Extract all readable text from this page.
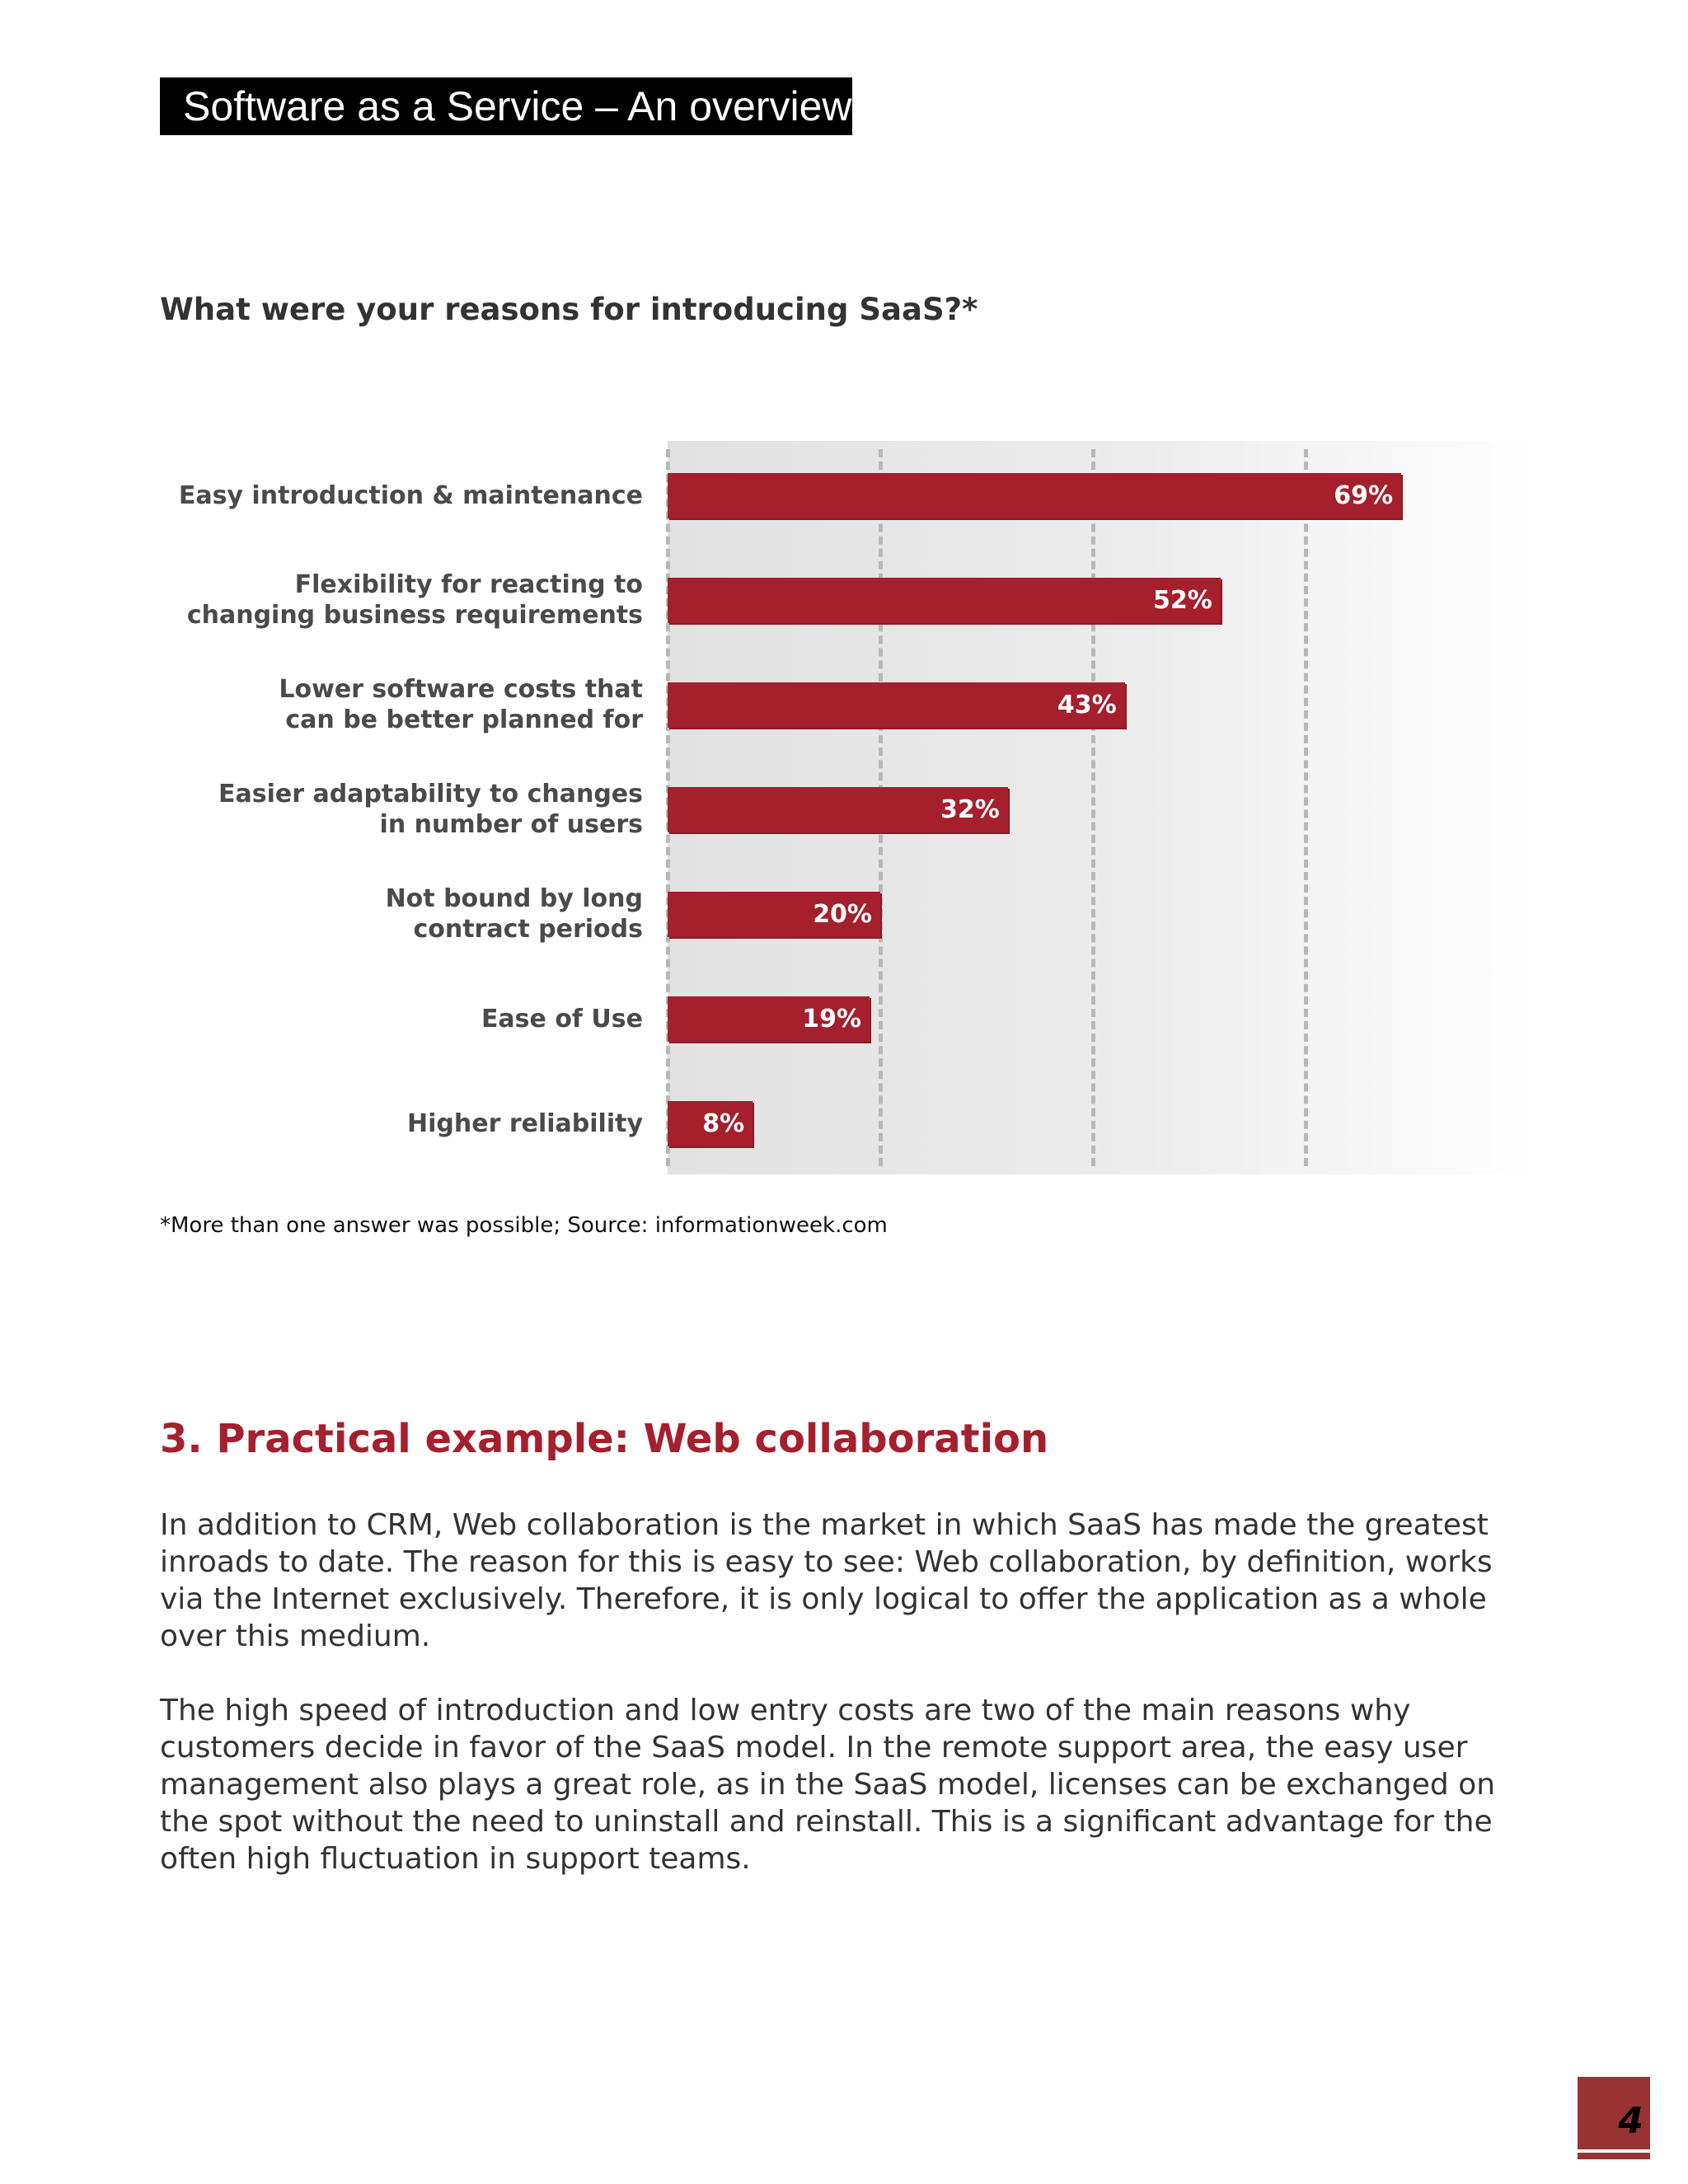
Software as a Service – An overview
What were your reasons for introducing SaaS?*
Easy introduction & maintenance	69%
Flexibility for reacting to
changing business requirements
52%
Lower software costs that
can be better planned for
43%
Easier adaptability to changes
in number of users
32%
Not bound by long
contract periods
20%
Ease of Use	19%
Higher reliability 8%
*More than one answer was possible; Source: informationweek.com
3. Practical example: Web collaboration

In addition to CRM, Web collaboration is the market in which SaaS has made the greatest inroads to date. The reason for this is easy to see: Web collaboration, by definition, works via the Internet exclusively. Therefore, it is only logical to offer the application as a whole over this medium.

The high speed of introduction and low entry costs are two of the main reasons why customers decide in favor of the SaaS model. In the remote support area, the easy user management also plays a great role, as in the SaaS model, licenses can be exchanged on the spot without the need to uninstall and reinstall. This is a significant advantage for the often high fluctuation in support teams.

4
